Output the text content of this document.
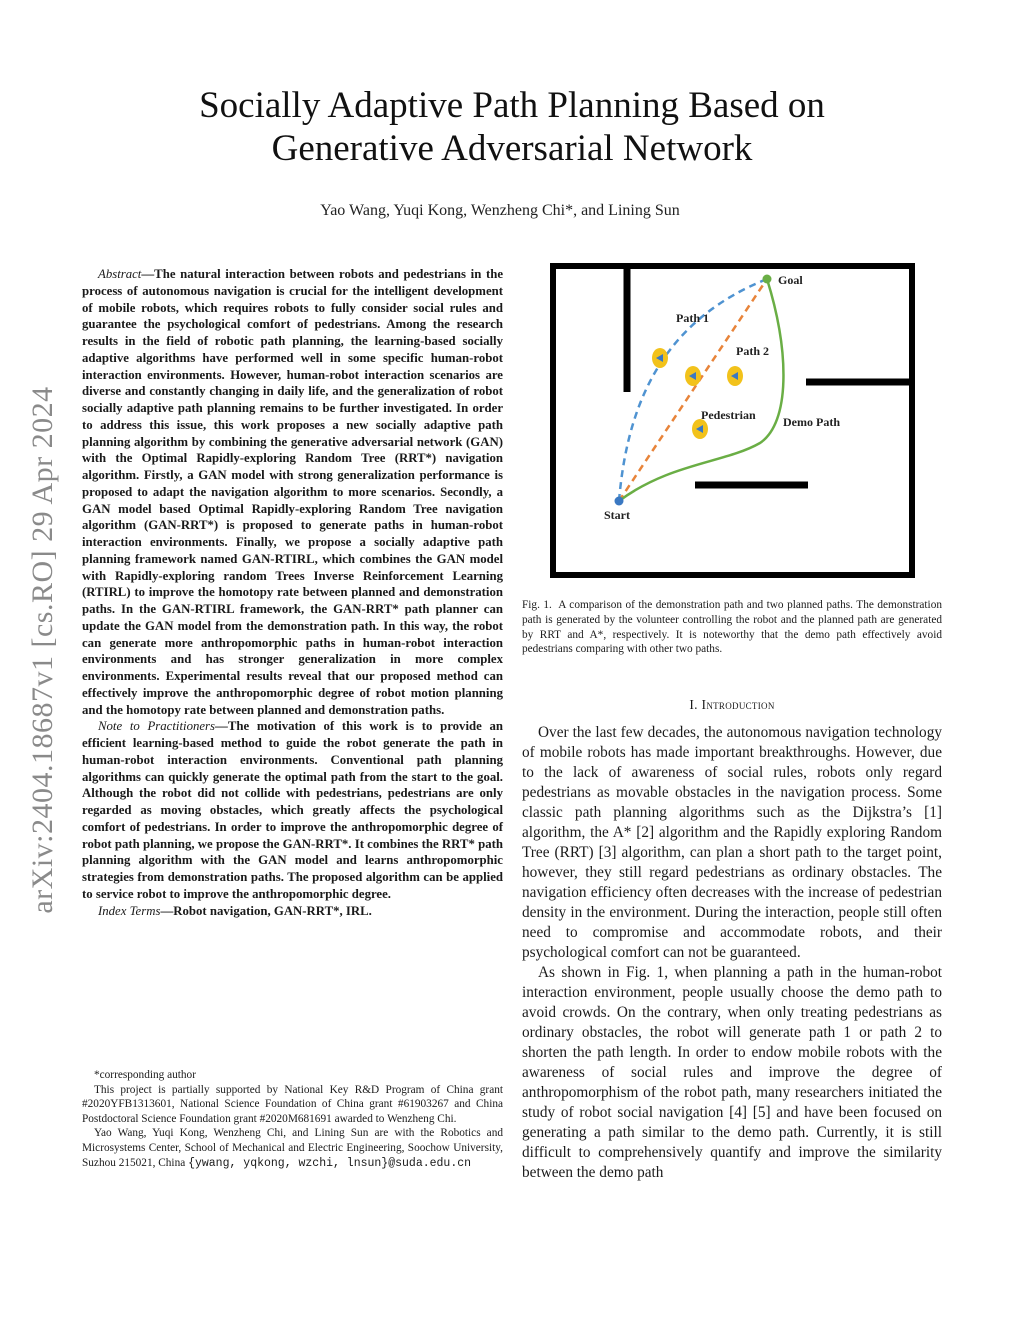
arXiv:2404.18687v1 [cs.RO] 29 Apr 2024
Socially Adaptive Path Planning Based on
Generative Adversarial Network
Yao Wang, Yuqi Kong, Wenzheng Chi*, and Lining Sun

Abstract—The natural interaction between robots and pedestrians in the process of autonomous navigation is crucial for the intelligent development of mobile robots, which requires robots to fully consider social rules and guarantee the psychological comfort of pedestrians. Among the research results in the field of robotic path planning, the learning-based socially adaptive algorithms have performed well in some specific human-robot interaction environments. However, human-robot interaction scenarios are diverse and constantly changing in daily life, and the generalization of robot socially adaptive path planning remains to be further investigated. In order to address this issue, this work proposes a new socially adaptive path planning algorithm by combining the generative adversarial network (GAN) with the Optimal Rapidly-exploring Random Tree (RRT*) navigation algorithm. Firstly, a GAN model with strong generalization performance is proposed to adapt the navigation algorithm to more scenarios. Secondly, a GAN model based Optimal Rapidly-exploring Random Tree navigation algorithm (GAN-RRT*) is proposed to generate paths in human-robot interaction environments. Finally, we propose a socially adaptive path planning framework named GAN-RTIRL, which combines the GAN model with Rapidly-exploring random Trees Inverse Reinforcement Learning (RTIRL) to improve the homotopy rate between planned and demonstration paths. In the GAN-RTIRL framework, the GAN-RRT* path planner can update the GAN model from the demonstration path. In this way, the robot can generate more anthropomorphic paths in human-robot interaction environments and has stronger generalization in more complex environments. Experimental results reveal that our proposed method can effectively improve the anthropomorphic degree of robot motion planning and the homotopy rate between planned and demonstration paths.

Note to Practitioners—The motivation of this work is to provide an efficient learning-based method to guide the robot generate the path in human-robot interaction environments. Conventional path planning algorithms can quickly generate the optimal path from the start to the goal. Although the robot did not collide with pedestrians, pedestrians are only regarded as moving obstacles, which greatly affects the psychological comfort of pedestrians. In order to improve the anthropomorphic degree of robot path planning, we propose the GAN-RRT*. It combines the RRT* path planning algorithm with the GAN model and learns anthropomorphic strategies from demonstration paths. The proposed algorithm can be applied to service robot to improve the anthropomorphic degree.

Index Terms—Robot navigation, GAN-RRT*, IRL.

*corresponding author

This project is partially supported by National Key R&D Program of China grant #2020YFB1313601, National Science Foundation of China grant #61903267 and China Postdoctoral Science Foundation grant #2020M681691 awarded to Wenzheng Chi.

Yao Wang, Yuqi Kong, Wenzheng Chi, and Lining Sun are with the Robotics and Microsystems Center, School of Mechanical and Electric Engineering, Soochow University, Suzhou 215021, China {ywang, yqkong, wzchi, lnsun}@suda.edu.cn

Goal
Start
Path 1
Path 2
Pedestrian Demo Path
Fig. 1. A comparison of the demonstration path and two planned paths. The demonstration path is generated by the volunteer controlling the robot and the planned path are generated by RRT and A*, respectively. It is noteworthy that the demo path effectively avoid pedestrians comparing with other two paths.
I. Introduction

Over the last few decades, the autonomous navigation technology of mobile robots has made important breakthroughs. However, due to the lack of awareness of social rules, robots only regard pedestrians as movable obstacles in the navigation process. Some classic path planning algorithms such as the Dijkstra’s [1] algorithm, the A* [2] algorithm and the Rapidly exploring Random Tree (RRT) [3] algorithm, can plan a short path to the target point, however, they still regard pedestrians as ordinary obstacles. The navigation efficiency often decreases with the increase of pedestrian density in the environment. During the interaction, people still often need to compromise and accommodate robots, and their psychological comfort can not be guaranteed.

As shown in Fig. 1, when planning a path in the human-robot interaction environment, people usually choose the demo path to avoid crowds. On the contrary, when only treating pedestrians as ordinary obstacles, the robot will generate path 1 or path 2 to shorten the path length. In order to endow mobile robots with the awareness of social rules and improve the degree of anthropomorphism of the robot path, many researchers initiated the study of robot social navigation [4] [5] and have been focused on generating a path similar to the demo path. Currently, it is still difficult to comprehensively quantify and improve the similarity between the demo path
